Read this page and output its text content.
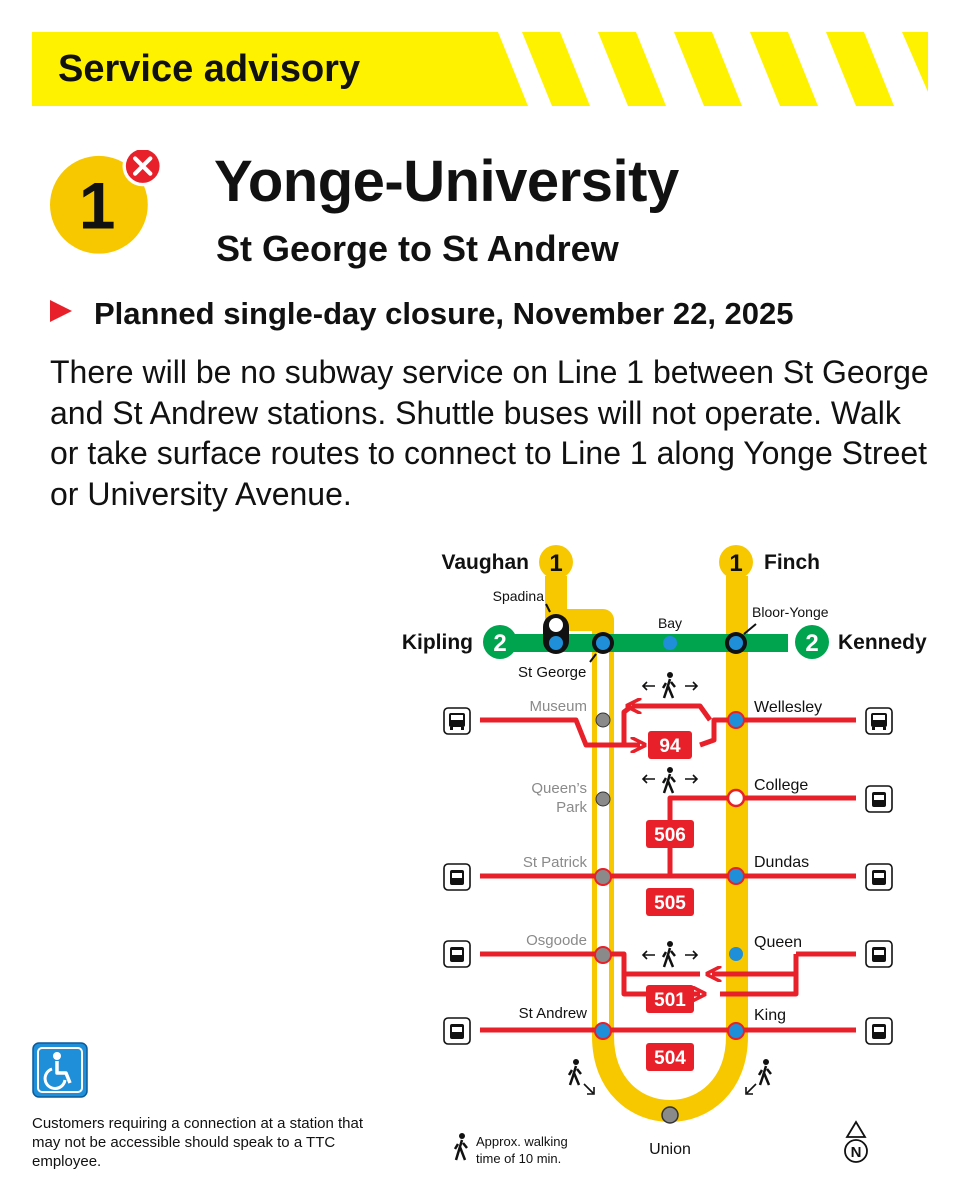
Service advisory
1 Yonge-University
St George to St Andrew
Planned single-day closure, November 22, 2025
There will be no subway service on Line 1 between St George and St Andrew stations. Shuttle buses will not operate. Walk or take surface routes to connect to Line 1 along Yonge Street or University Avenue.
94
506
505
501
504
1	1
2	2
Vaughan	Finch
Kipling	Kennedy
Spadina
St George
Bay
Bloor-Yonge
Museum
Queen’s
Park
St Patrick
Osgoode
St Andrew
Wellesley
College
Dundas
Queen
King
Union
Approx. walking
time of 10 min.	N
Customers requiring a connection at a station that may not be accessible should speak to a TTC employee.
